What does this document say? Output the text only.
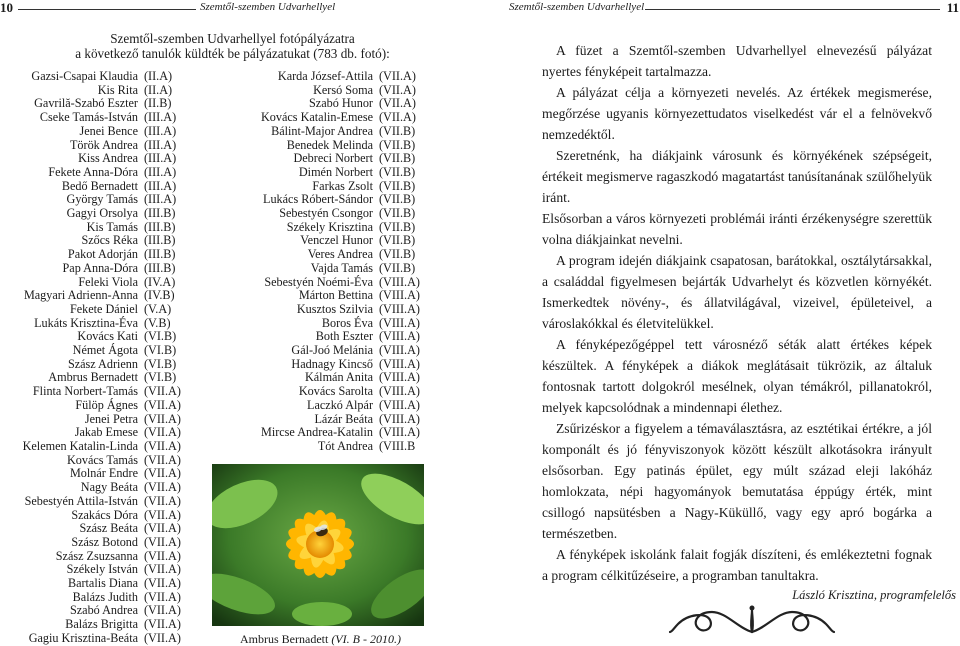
10	Szemtől-szemben Udvarhellyel	Szemtől-szemben Udvarhellyel	11
Szemtől-szemben Udvarhellyel fotópályázatra
a következő tanulók küldték be pályázatukat (783 db. fotó):
Gazsi-Csapai Klaudia (II.A)
Kis Rita (II.A)
Gavrilă-Szabó Eszter (II.B)
Cseke Tamás-István (III.A)
Jenei Bence (III.A)
Török Andrea (III.A)
Kiss Andrea (III.A)
Fekete Anna-Dóra (III.A)
Bedő Bernadett (III.A)
György Tamás (III.A)
Gagyi Orsolya (III.B)
Kis Tamás (III.B)
Szőcs Réka (III.B)
Pakot Adorján (III.B)
Pap Anna-Dóra (III.B)
Feleki Viola (IV.A)
Magyari Adrienn-Anna (IV.B)
Fekete Dániel (V.A)
Lukáts Krisztina-Éva (V.B)
Kovács Kati (VI.B)
Német Ágota (VI.B)
Szász Adrienn (VI.B)
Ambrus Bernadett (VI.B)
Flinta Norbert-Tamás (VII.A)
Fülöp Ágnes (VII.A)
Jenei Petra (VII.A)
Jakab Emese (VII.A)
Kelemen Katalin-Linda (VII.A)
Kovács Tamás (VII.A)
Molnár Endre (VII.A)
Nagy Beáta (VII.A)
Sebestyén Attila-István (VII.A)
Szakács Dóra (VII.A)
Szász Beáta (VII.A)
Szász Botond (VII.A)
Szász Zsuzsanna (VII.A)
Székely István (VII.A)
Bartalis Diana (VII.A)
Balázs Judith (VII.A)
Szabó Andrea (VII.A)
Balázs Brigitta (VII.A)
Gagiu Krisztina-Beáta (VII.A)
Karda József-Attila (VII.A)
Kersó Soma (VII.A)
Szabó Hunor (VII.A)
Kovács Katalin-Emese (VII.A)
Bálint-Major Andrea (VII.B)
Benedek Melinda (VII.B)
Debreci Norbert (VII.B)
Dimén Norbert (VII.B)
Farkas Zsolt (VII.B)
Lukács Róbert-Sándor (VII.B)
Sebestyén Csongor (VII.B)
Székely Krisztina (VII.B)
Venczel Hunor (VII.B)
Veres Andrea (VII.B)
Vajda Tamás (VII.B)
Sebestyén Noémi-Éva (VIII.A)
Márton Bettina (VIII.A)
Kusztos Szilvia (VIII.A)
Boros Éva (VIII.A)
Both Eszter (VIII.A)
Gál-Joó Melánia (VIII.A)
Hadnagy Kincső (VIII.A)
Kálmán Anita (VIII.A)
Kovács Sarolta (VIII.A)
Laczkó Alpár (VIII.A)
Lázár Beáta (VIII.A)
Mircse Andrea-Katalin (VIII.A)
Tót Andrea (VIII.B
Ambrus Bernadett (VI. B - 2010.)

A füzet a Szemtől-szemben Udvarhellyel elnevezésű pályázat nyertes fényképeit tartalmazza.

A pályázat célja a környezeti nevelés. Az értékek megismerése, megőrzése ugyanis környezettudatos viselkedést vár el a felnövekvő nemzedéktől.

Szeretnénk, ha diákjaink városunk és környékének szépségeit, értékeit megismerve ragaszkodó magatartást tanúsítanának szülőhelyük iránt.

Elsősorban a város környezeti problémái iránti érzékenységre szerettük volna diákjainkat nevelni.

A program idején diákjaink csapatosan, barátokkal, osztálytársakkal, a családdal figyelmesen bejárták Udvarhelyt és közvetlen környékét. Ismerkedtek növény-, és állatvilágával, vizeivel, épületeivel, a városlakókkal és életvitelükkel.

A fényképezőgéppel tett városnéző séták alatt értékes képek készültek. A fényképek a diákok meglátásait tükrözik, az általuk fontosnak tartott dolgokról mesélnek, olyan témákról, pillanatokról, melyek kapcsolódnak a mindennapi élethez.

Zsűrizéskor a figyelem a témaválasztásra, az esztétikai értékre, a jól komponált és jó fényviszonyok között készült alkotásokra irányult elsősorban. Egy patinás épület, egy múlt század eleji lakóház homlokzata, népi hagyományok bemutatása éppúgy érték, mint csillogó napsütésben a Nagy-Küküllő, vagy egy apró bogárka a természetben.

A fényképek iskolánk falait fogják díszíteni, és emlékeztetni fognak a program célkitűzéseire, a programban tanultakra.

László Krisztina, programfelelős
